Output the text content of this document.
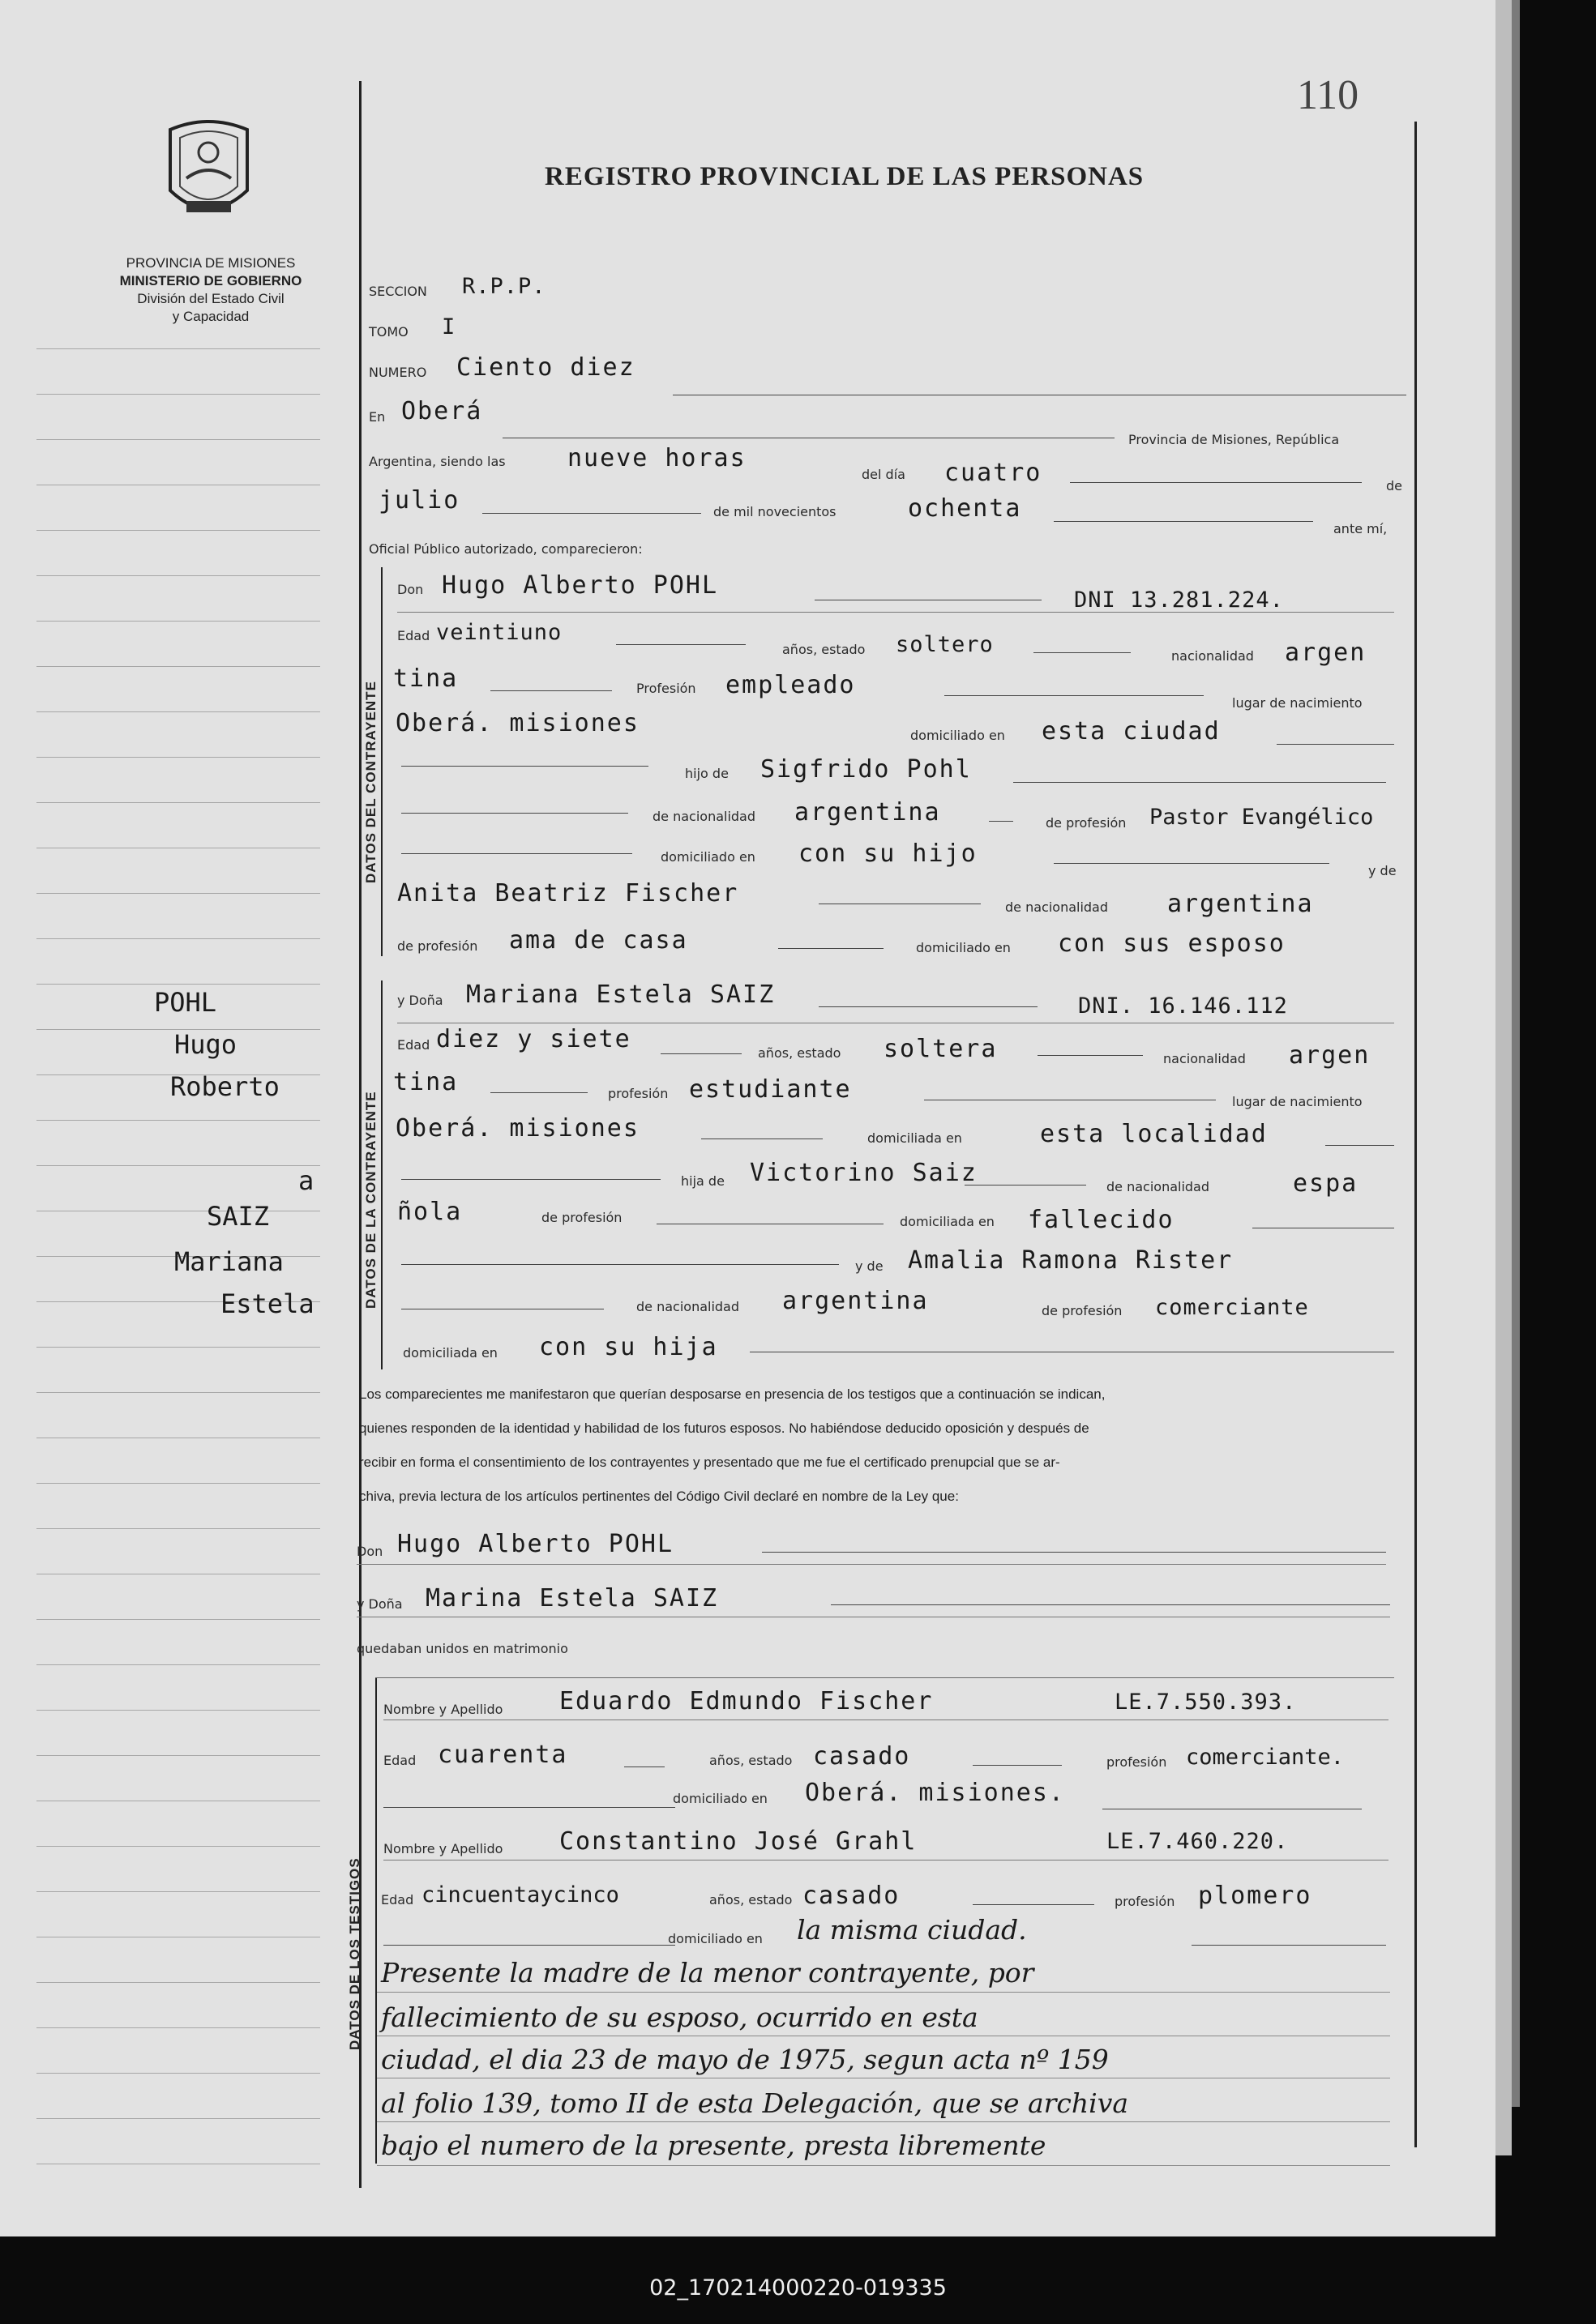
110
PROVINCIA DE MISIONES
MINISTERIO DE GOBIERNO
División del Estado Civil
y Capacidad
REGISTRO PROVINCIAL DE LAS PERSONAS
SECCION R.P.P.
TOMO I
NUMERO Ciento diez
En Oberá
Provincia de Misiones, República
Argentina, siendo las	nueve horas
del día cuatro	de
julio	de mil novecientos	ochenta
ante mí,
Oficial Público autorizado, comparecieron:
DATOS DEL CONTRAYENTE
Don Hugo Alberto POHL
DNI 13.281.224.
Edad veintiuno
años, estado soltero	nacionalidad argen
tina	Profesión empleado
lugar de nacimiento
Oberá. misiones	domiciliado en esta ciudad
hijo de Sigfrido Pohl
de nacionalidad argentina	de profesión Pastor Evangélico
domiciliado en con su hijo
y de
Anita Beatriz Fischer	de nacionalidad argentina
de profesión ama de casa	domiciliado en con sus esposo
DATOS DE LA CONTRAYENTE
y Doña Mariana Estela SAIZ	DNI. 16.146.112
Edad diez y siete	años, estado soltera	nacionalidad argen
tina	profesión estudiante	lugar de nacimiento
Oberá. misiones	domiciliada en	esta localidad
hija de Victorino Saiz	de nacionalidad	espa
ñola	de profesión	domiciliada en fallecido
y de Amalia Ramona Rister
de nacionalidad argentina	de profesión comerciante
domiciliada en con su hija
Los comparecientes me manifestaron que querían desposarse en presencia de los testigos que a continuación se indican,
quienes responden de la identidad y habilidad de los futuros esposos. No habiéndose deducido oposición y después de
recibir en forma el consentimiento de los contrayentes y presentado que me fue el certificado prenupcial que se ar-
chiva, previa lectura de los artículos pertinentes del Código Civil declaré en nombre de la Ley que:
Don Hugo Alberto POHL
y Doña Marina Estela SAIZ
quedaban unidos en matrimonio
DATOS DE LOS TESTIGOS
Nombre y Apellido Eduardo Edmundo Fischer	LE.7.550.393.
Edad cuarenta	años, estado casado	profesión comerciante.
domiciliado en Oberá. misiones.
Nombre y Apellido Constantino José Grahl	LE.7.460.220.
Edad cincuentaycinco	años, estado casado	profesión plomero
domiciliado en la misma ciudad.
Presente la madre de la menor contrayente, por
fallecimiento de su esposo, ocurrido en esta
ciudad, el dia 23 de mayo de 1975, segun acta nº 159
al folio 139, tomo II de esta Delegación, que se archiva
bajo el numero de la presente, presta libremente
POHL
Hugo
Roberto
a
SAIZ
Mariana
Estela
02_170214000220-019335
